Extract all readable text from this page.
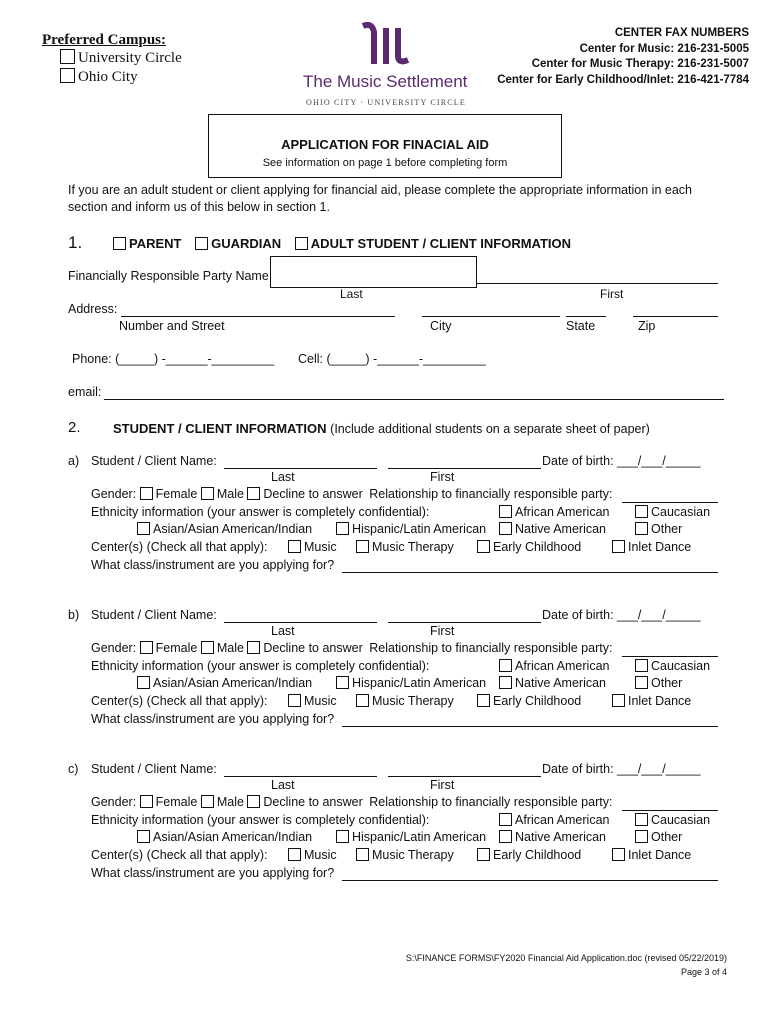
Preferred Campus:
University Circle
Ohio City	The Music Settlement
OHIO CITY · UNIVERSITY CIRCLE
CENTER FAX NUMBERS
Center for Music: 216-231-5005
Center for Music Therapy: 216-231-5007
Center for Early Childhood/Inlet: 216-421-7784
APPLICATION FOR FINACIAL AID
See information on page 1 before completing form
If you are an adult student or client applying for financial aid, please complete the appropriate information in each section and inform us of this below in section 1.
1.	PARENT GUARDIAN ADULT STUDENT / CLIENT INFORMATION
Financially Responsible Party Name
Last	First
Address:
Number and Street	City	State	Zip
Phone: (_____) -______-_________ Cell: (_____) -______-_________
email:
2. STUDENT / CLIENT INFORMATION (Include additional students on a separate sheet of paper)
a) Student / Client Name:	Date of birth: ___/___/_____
Last	First
Gender: Female Male Decline to answer Relationship to financially responsible party:
Ethnicity information (your answer is completely confidential):	African American	Caucasian
Asian/Asian American/Indian	Hispanic/Latin American	Native American	Other
Center(s) (Check all that apply):	Music	Music Therapy	Early Childhood	Inlet Dance
What class/instrument are you applying for?
b) Student / Client Name:	Date of birth: ___/___/_____
Last	First
Gender: Female Male Decline to answer Relationship to financially responsible party:
Ethnicity information (your answer is completely confidential):	African American	Caucasian
Asian/Asian American/Indian	Hispanic/Latin American	Native American	Other
Center(s) (Check all that apply):	Music	Music Therapy	Early Childhood	Inlet Dance
What class/instrument are you applying for?
c) Student / Client Name:	Date of birth: ___/___/_____
Last	First
Gender: Female Male Decline to answer Relationship to financially responsible party:
Ethnicity information (your answer is completely confidential):	African American	Caucasian
Asian/Asian American/Indian	Hispanic/Latin American	Native American	Other
Center(s) (Check all that apply):	Music	Music Therapy	Early Childhood	Inlet Dance
What class/instrument are you applying for?
S:\FINANCE FORMS\FY2020 Financial Aid Application.doc (revised 05/22/2019)
Page 3 of 4
